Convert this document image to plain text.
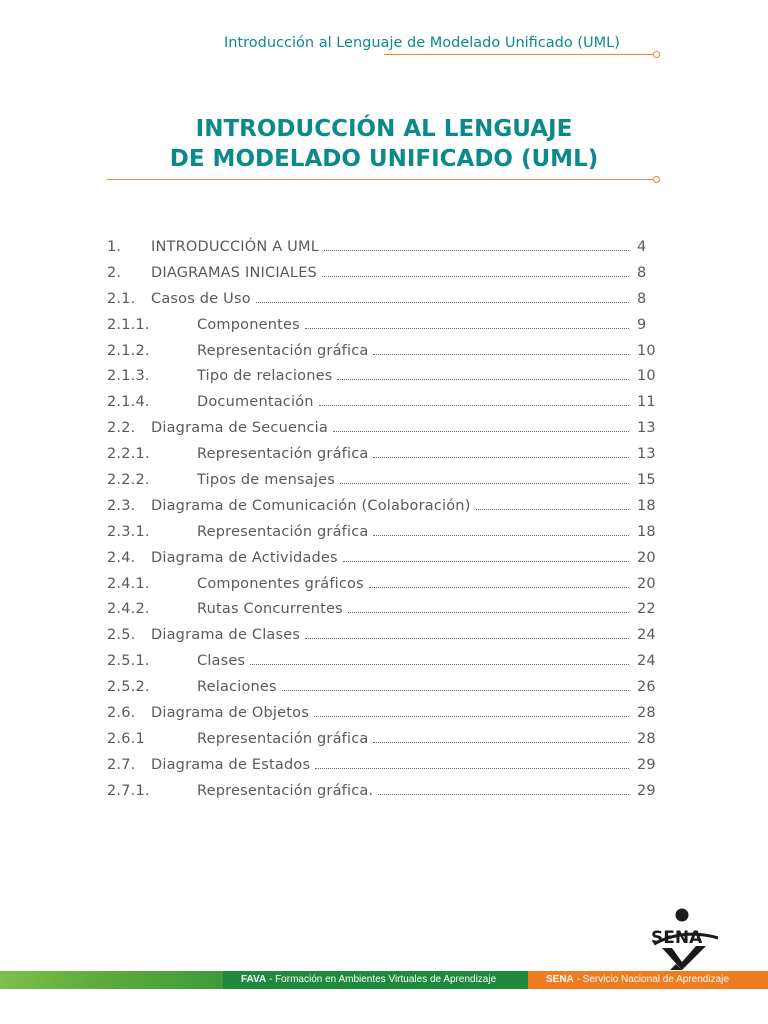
Introducción al Lenguaje de Modelado Unificado (UML)
INTRODUCCIÓN AL LENGUAJE
DE MODELADO UNIFICADO (UML)
1.	INTRODUCCIÓN A UML	4
2.	DIAGRAMAS INICIALES	8
2.1.	Casos de Uso	8
2.1.1.	Componentes	9
2.1.2.	Representación gráfica	10
2.1.3.	Tipo de relaciones	10
2.1.4.	Documentación	11
2.2.	Diagrama de Secuencia	13
2.2.1.	Representación gráfica	13
2.2.2.	Tipos de mensajes	15
2.3.	Diagrama de Comunicación (Colaboración)	18
2.3.1.	Representación gráfica	18
2.4.	Diagrama de Actividades	20
2.4.1.	Componentes gráficos	20
2.4.2.	Rutas Concurrentes	22
2.5.	Diagrama de Clases	24
2.5.1.	Clases	24
2.5.2.	Relaciones	26
2.6.	Diagrama de Objetos	28
2.6.1	Representación gráfica	28
2.7.	Diagrama de Estados	29
2.7.1.	Representación gráfica.	29
SENA
FAVA - Formación en Ambientes Virtuales de Aprendizaje	SENA - Servicio Nacional de Aprendizaje
